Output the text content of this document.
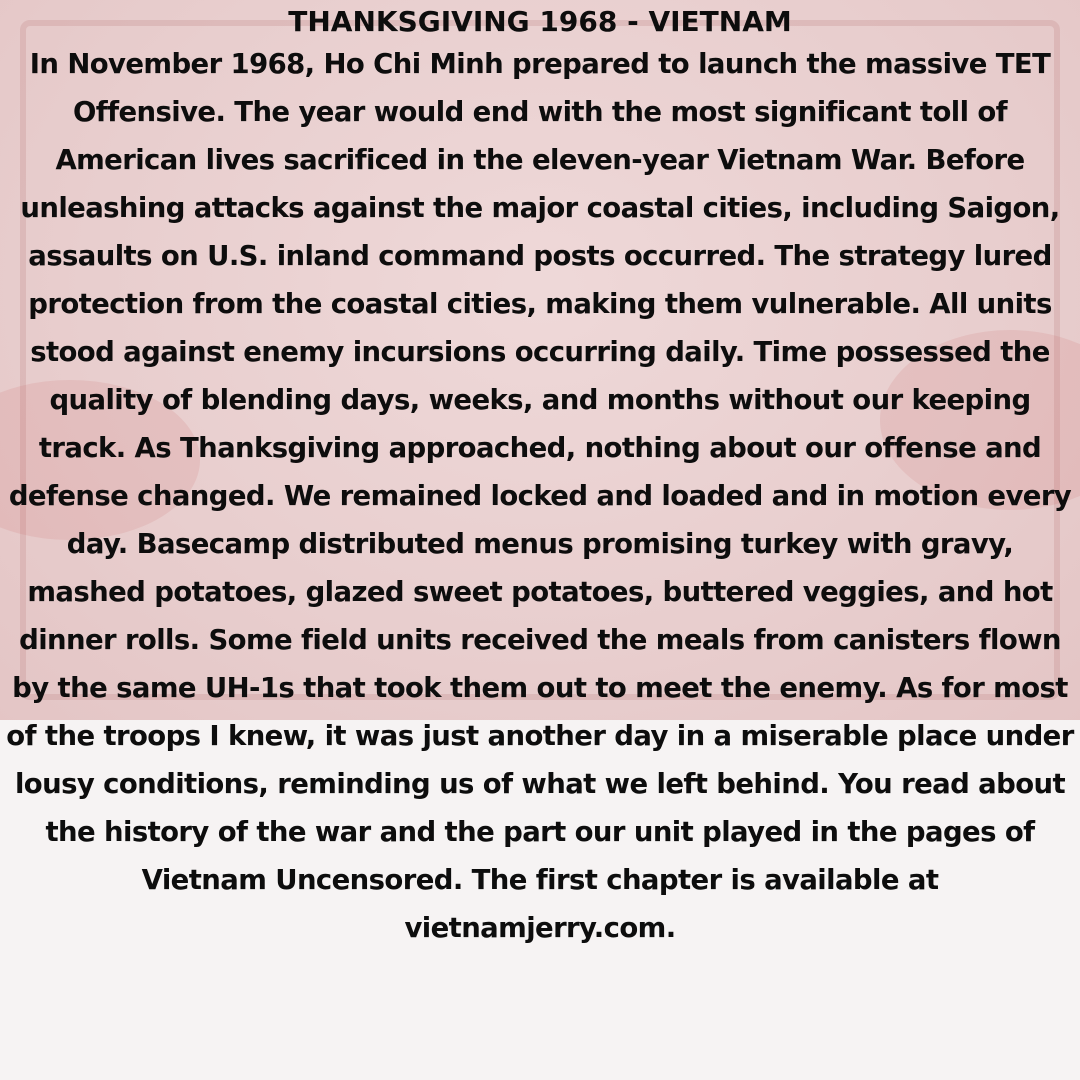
THANKSGIVING 1968 - VIETNAM

In November 1968, Ho Chi Minh prepared to launch the massive TET Offensive. The year would end with the most significant toll of American lives sacrificed in the eleven-year Vietnam War. Before unleashing attacks against the major coastal cities, including Saigon, assaults on U.S. inland command posts occurred. The strategy lured protection from the coastal cities, making them vulnerable. All units stood against enemy incursions occurring daily. Time possessed the quality of blending days, weeks, and months without our keeping track. As Thanksgiving approached, nothing about our offense and defense changed. We remained locked and loaded and in motion every day. Basecamp distributed menus promising turkey with gravy, mashed potatoes, glazed sweet potatoes, buttered veggies, and hot dinner rolls. Some field units received the meals from canisters flown by the same UH-1s that took them out to meet the enemy. As for most of the troops I knew, it was just another day in a miserable place under lousy conditions, reminding us of what we left behind. You read about the history of the war and the part our unit played in the pages of Vietnam Uncensored. The first chapter is available at vietnamjerry.com.
